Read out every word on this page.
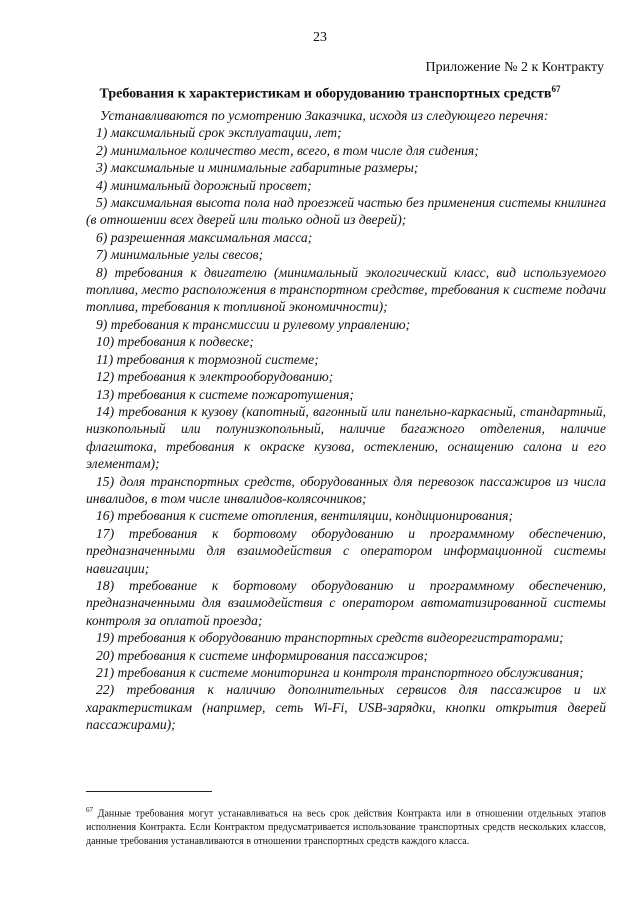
23
Приложение № 2 к Контракту
Требования к характеристикам и оборудованию транспортных средств$^{67}$

Устанавливаются по усмотрению Заказчика, исходя из следующего перечня:

1) максимальный срок эксплуатации, лет;

2) минимальное количество мест, всего, в том числе для сидения;

3) максимальные и минимальные габаритные размеры;

4) минимальный дорожный просвет;

5) максимальная высота пола над проезжей частью без применения системы книлинга (в отношении всех дверей или только одной из дверей);

6) разрешенная максимальная масса;

7) минимальные углы свесов;

8) требования к двигателю (минимальный экологический класс, вид используемого топлива, место расположения в транспортном средстве, требования к системе подачи топлива, требования к топливной экономичности);

9) требования к трансмиссии и рулевому управлению;

10) требования к подвеске;

11) требования к тормозной системе;

12) требования к электрооборудованию;

13) требования к системе пожаротушения;

14) требования к кузову (капотный, вагонный или панельно-каркасный, стандартный, низкопольный или полунизкопольный, наличие багажного отделения, наличие флагштока, требования к окраске кузова, остеклению, оснащению салона и его элементам);

15) доля транспортных средств, оборудованных для перевозок пассажиров из числа инвалидов, в том числе инвалидов-колясочников;

16) требования к системе отопления, вентиляции, кондиционирования;

17) требования к бортовому оборудованию и программному обеспечению, предназначенными для взаимодействия с оператором информационной системы навигации;

18) требование к бортовому оборудованию и программному обеспечению, предназначенными для взаимодействия с оператором автоматизированной системы контроля за оплатой проезда;

19) требования к оборудованию транспортных средств видеорегистраторами;

20) требования к системе информирования пассажиров;

21) требования к системе мониторинга и контроля транспортного обслуживания;

22) требования к наличию дополнительных сервисов для пассажиров и их характеристикам (например, сеть Wi-Fi, USB-зарядки, кнопки открытия дверей пассажирами);

$^{67}$ Данные требования могут устанавливаться на весь срок действия Контракта или в отношении отдельных этапов исполнения Контракта. Если Контрактом предусматривается использование транспортных средств нескольких классов, данные требования устанавливаются в отношении транспортных средств каждого класса.
